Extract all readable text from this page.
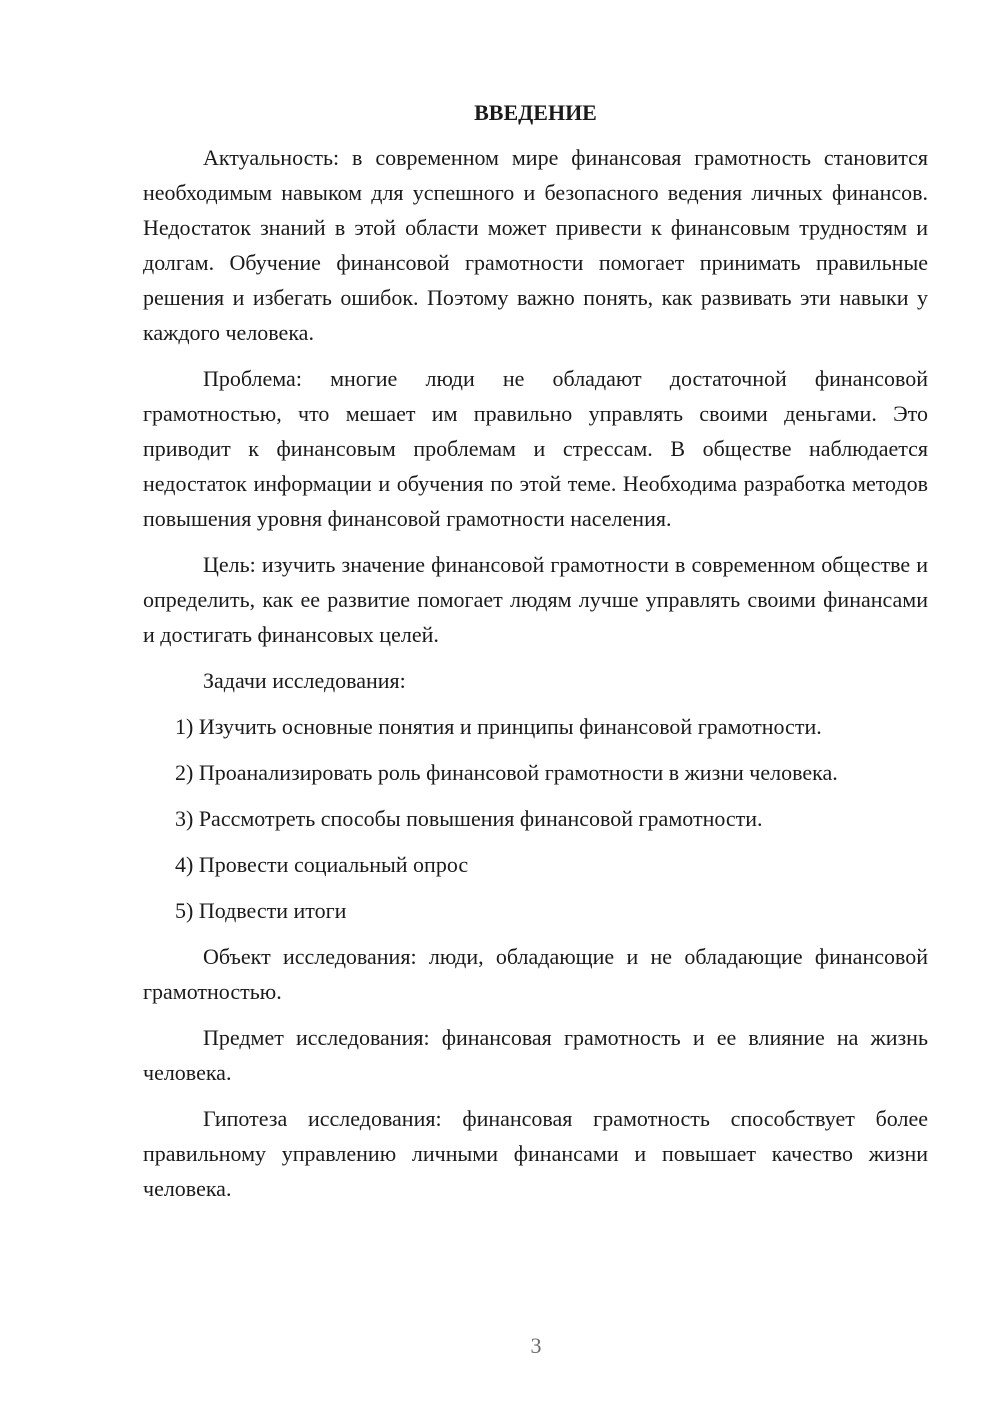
ВВЕДЕНИЕ

Актуальность: в современном мире финансовая грамотность становится необходимым навыком для успешного и безопасного ведения личных финансов. Недостаток знаний в этой области может привести к финансовым трудностям и долгам. Обучение финансовой грамотности помогает принимать правильные решения и избегать ошибок. Поэтому важно понять, как развивать эти навыки у каждого человека.

Проблема: многие люди не обладают достаточной финансовой грамотностью, что мешает им правильно управлять своими деньгами. Это приводит к финансовым проблемам и стрессам. В обществе наблюдается недостаток информации и обучения по этой теме. Необходима разработка методов повышения уровня финансовой грамотности населения.

Цель: изучить значение финансовой грамотности в современном обществе и определить, как ее развитие помогает людям лучше управлять своими финансами и достигать финансовых целей.

Задачи исследования:

1) Изучить основные понятия и принципы финансовой грамотности.

2) Проанализировать роль финансовой грамотности в жизни человека.

3) Рассмотреть способы повышения финансовой грамотности.

4) Провести социальный опрос

5) Подвести итоги

Объект исследования: люди, обладающие и не обладающие финансовой грамотностью.

Предмет исследования: финансовая грамотность и ее влияние на жизнь человека.

Гипотеза исследования: финансовая грамотность способствует более правильному управлению личными финансами и повышает качество жизни человека.

3
